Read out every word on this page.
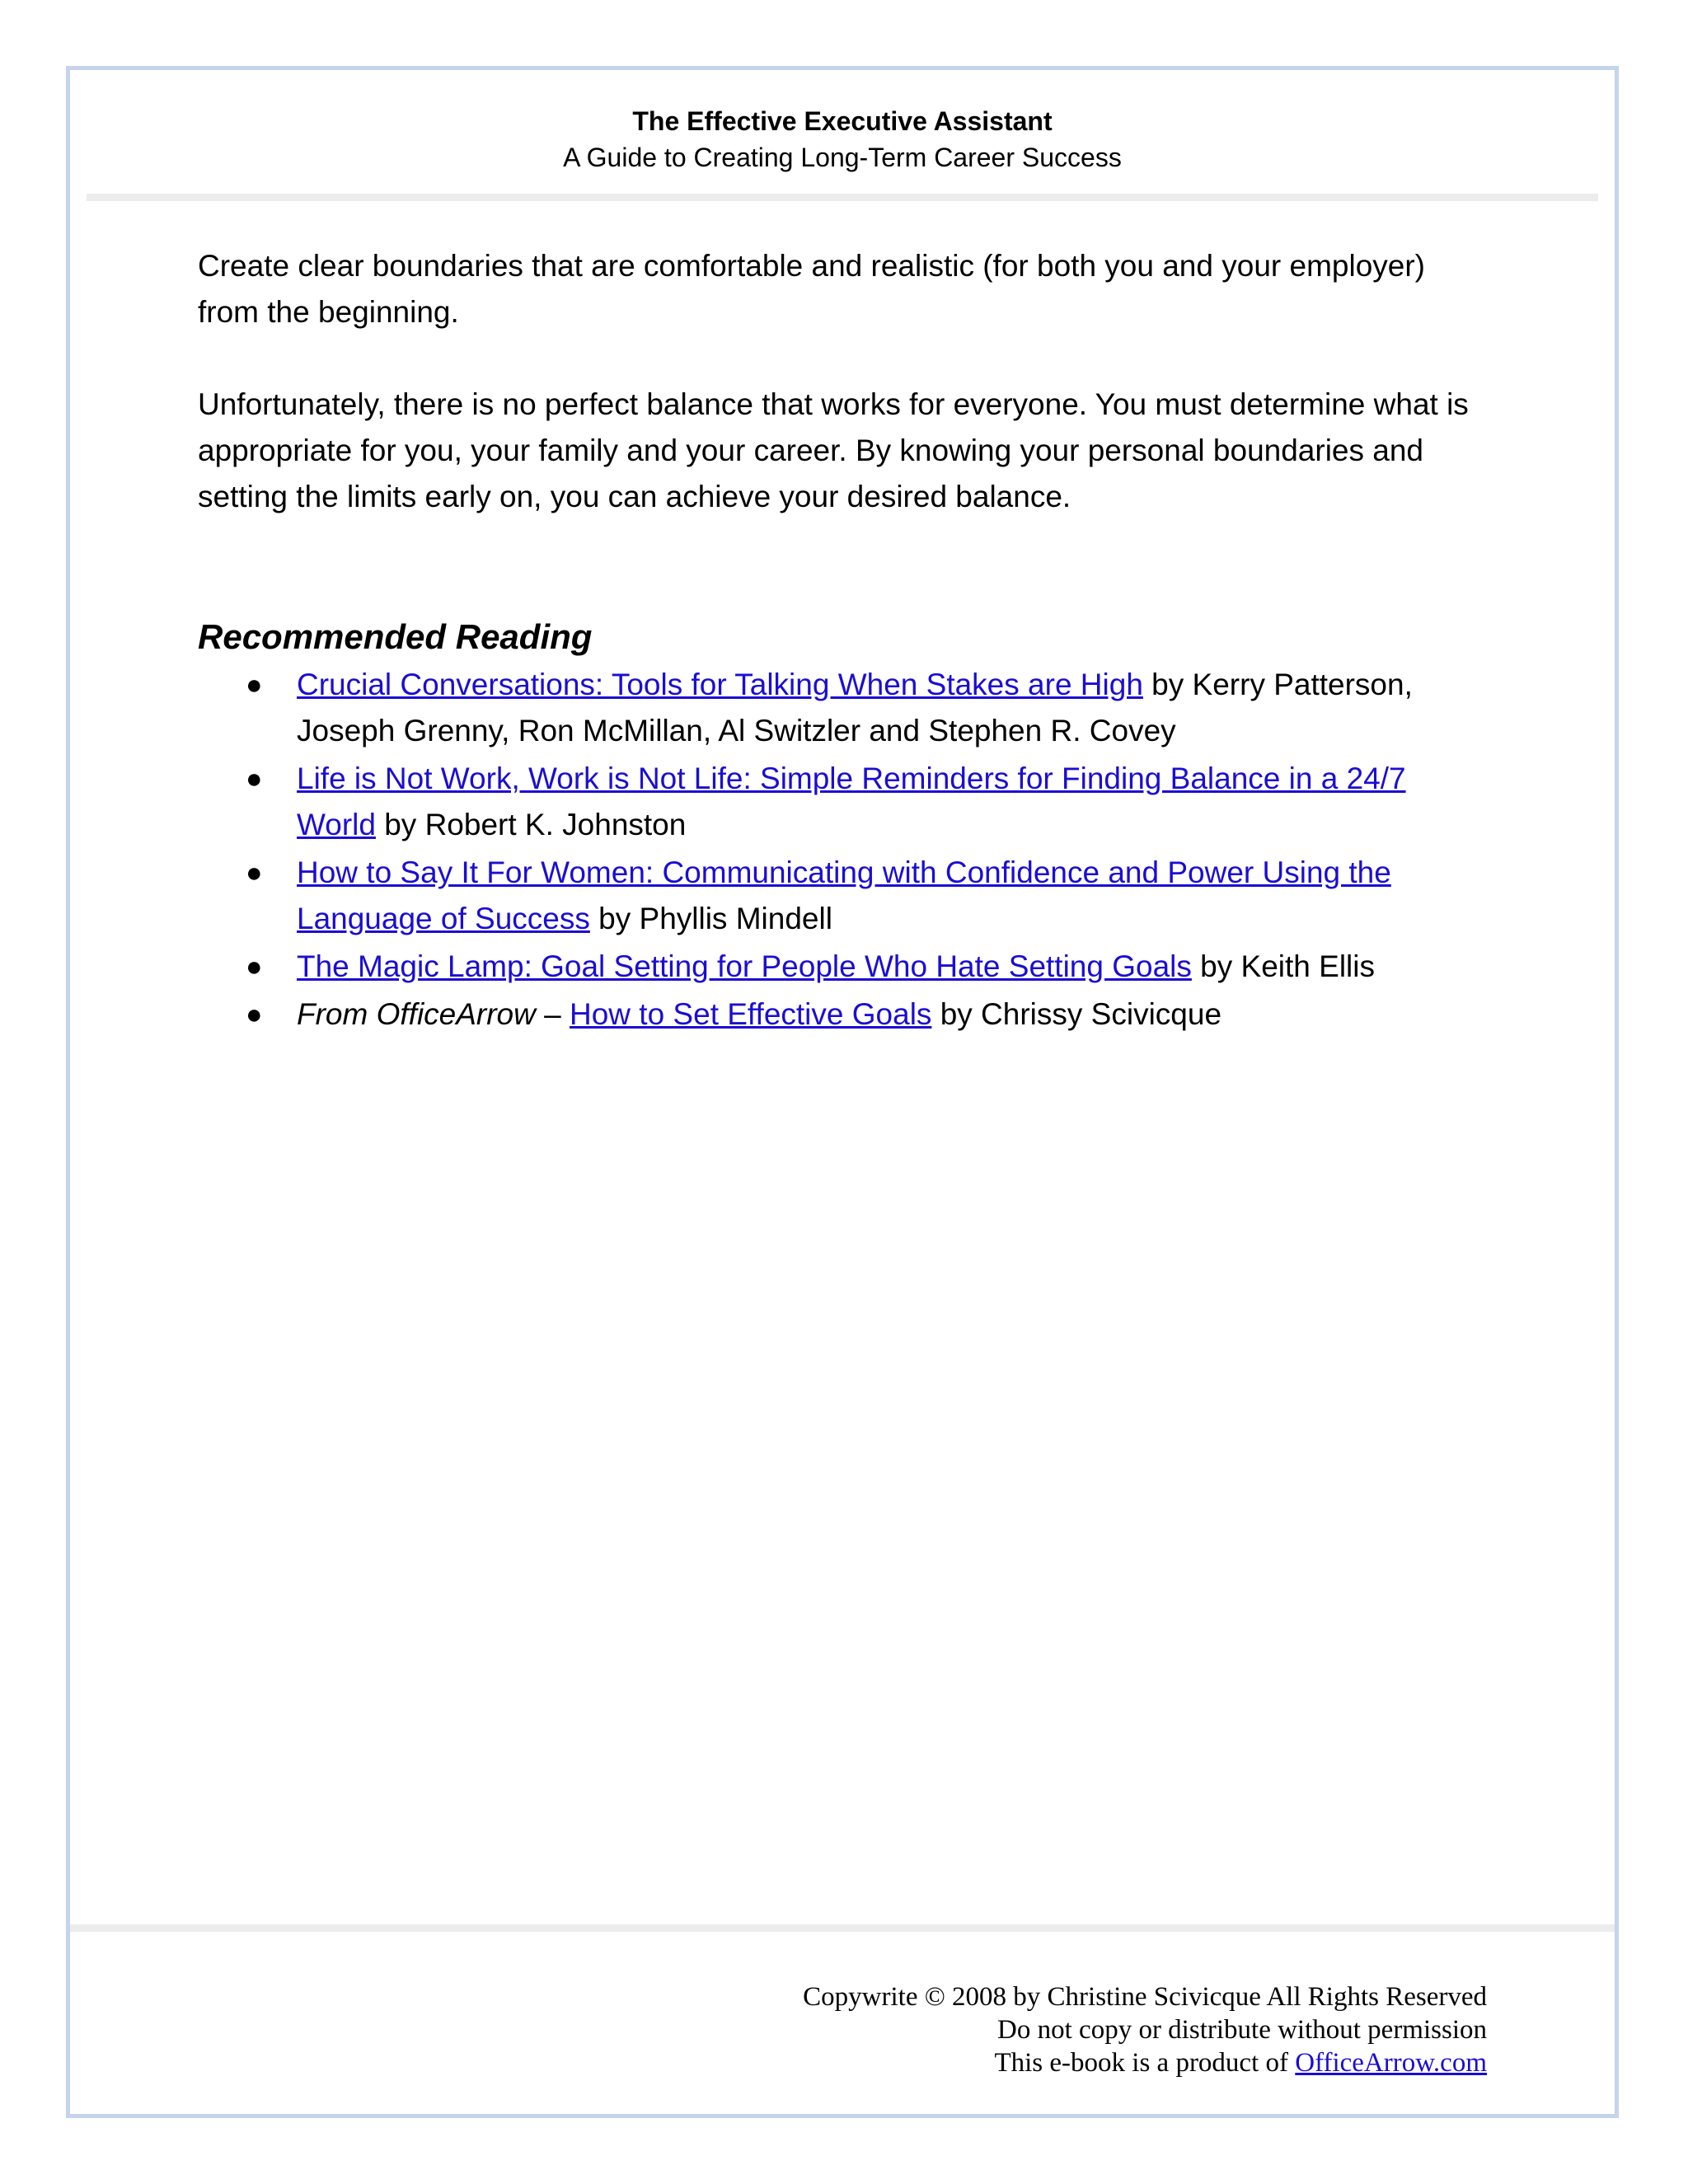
The Effective Executive Assistant
A Guide to Creating Long-Term Career Success

Create clear boundaries that are comfortable and realistic (for both you and your employer) from the beginning.

Unfortunately, there is no perfect balance that works for everyone. You must determine what is appropriate for you, your family and your career. By knowing your personal boundaries and setting the limits early on, you can achieve your desired balance.

Recommended Reading
● Crucial Conversations: Tools for Talking When Stakes are High by Kerry Patterson, Joseph Grenny, Ron McMillan, Al Switzler and Stephen R. Covey
● Life is Not Work, Work is Not Life: Simple Reminders for Finding Balance in a 24/7 World by Robert K. Johnston
● How to Say It For Women: Communicating with Confidence and Power Using the Language of Success by Phyllis Mindell
● The Magic Lamp: Goal Setting for People Who Hate Setting Goals by Keith Ellis
● From OfficeArrow – How to Set Effective Goals by Chrissy Scivicque
Copywrite © 2008 by Christine Scivicque All Rights Reserved
Do not copy or distribute without permission
This e-book is a product of OfficeArrow.com
